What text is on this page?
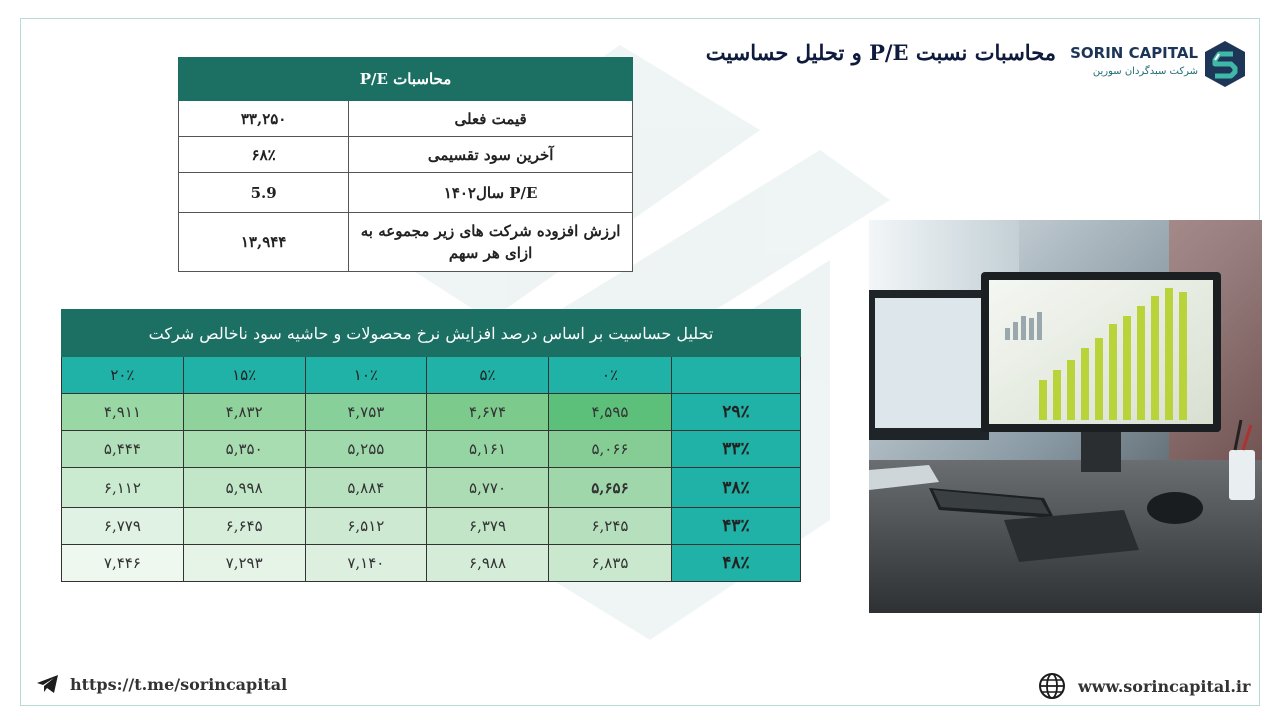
SORIN CAPITAL
شرکت سبدگردان سورین
محاسبات نسبت P/E و تحلیل حساسیت
محاسبات P/E	
قیمت فعلی	۳۳,۲۵۰
آخرین سود تقسیمی	۶۸٪
P/E سال۱۴۰۲	5.9
ارزش افزوده شرکت های زیر مجموعه به ازای هر سهم	۱۳,۹۴۴
تحلیل حساسیت بر اساس درصد افزایش نرخ محصولات و حاشیه سود ناخالص شرکت					
	۰٪	۵٪	۱۰٪	۱۵٪	۲۰٪
۲۹٪	۴,۵۹۵	۴,۶۷۴	۴,۷۵۳	۴,۸۳۲	۴,۹۱۱
۳۳٪	۵,۰۶۶	۵,۱۶۱	۵,۲۵۵	۵,۳۵۰	۵,۴۴۴
۳۸٪	۵,۶۵۶	۵,۷۷۰	۵,۸۸۴	۵,۹۹۸	۶,۱۱۲
۴۳٪	۶,۲۴۵	۶,۳۷۹	۶,۵۱۲	۶,۶۴۵	۶,۷۷۹
۴۸٪	۶,۸۳۵	۶,۹۸۸	۷,۱۴۰	۷,۲۹۳	۷,۴۴۶
https://t.me/sorincapital	www.sorincapital.ir
